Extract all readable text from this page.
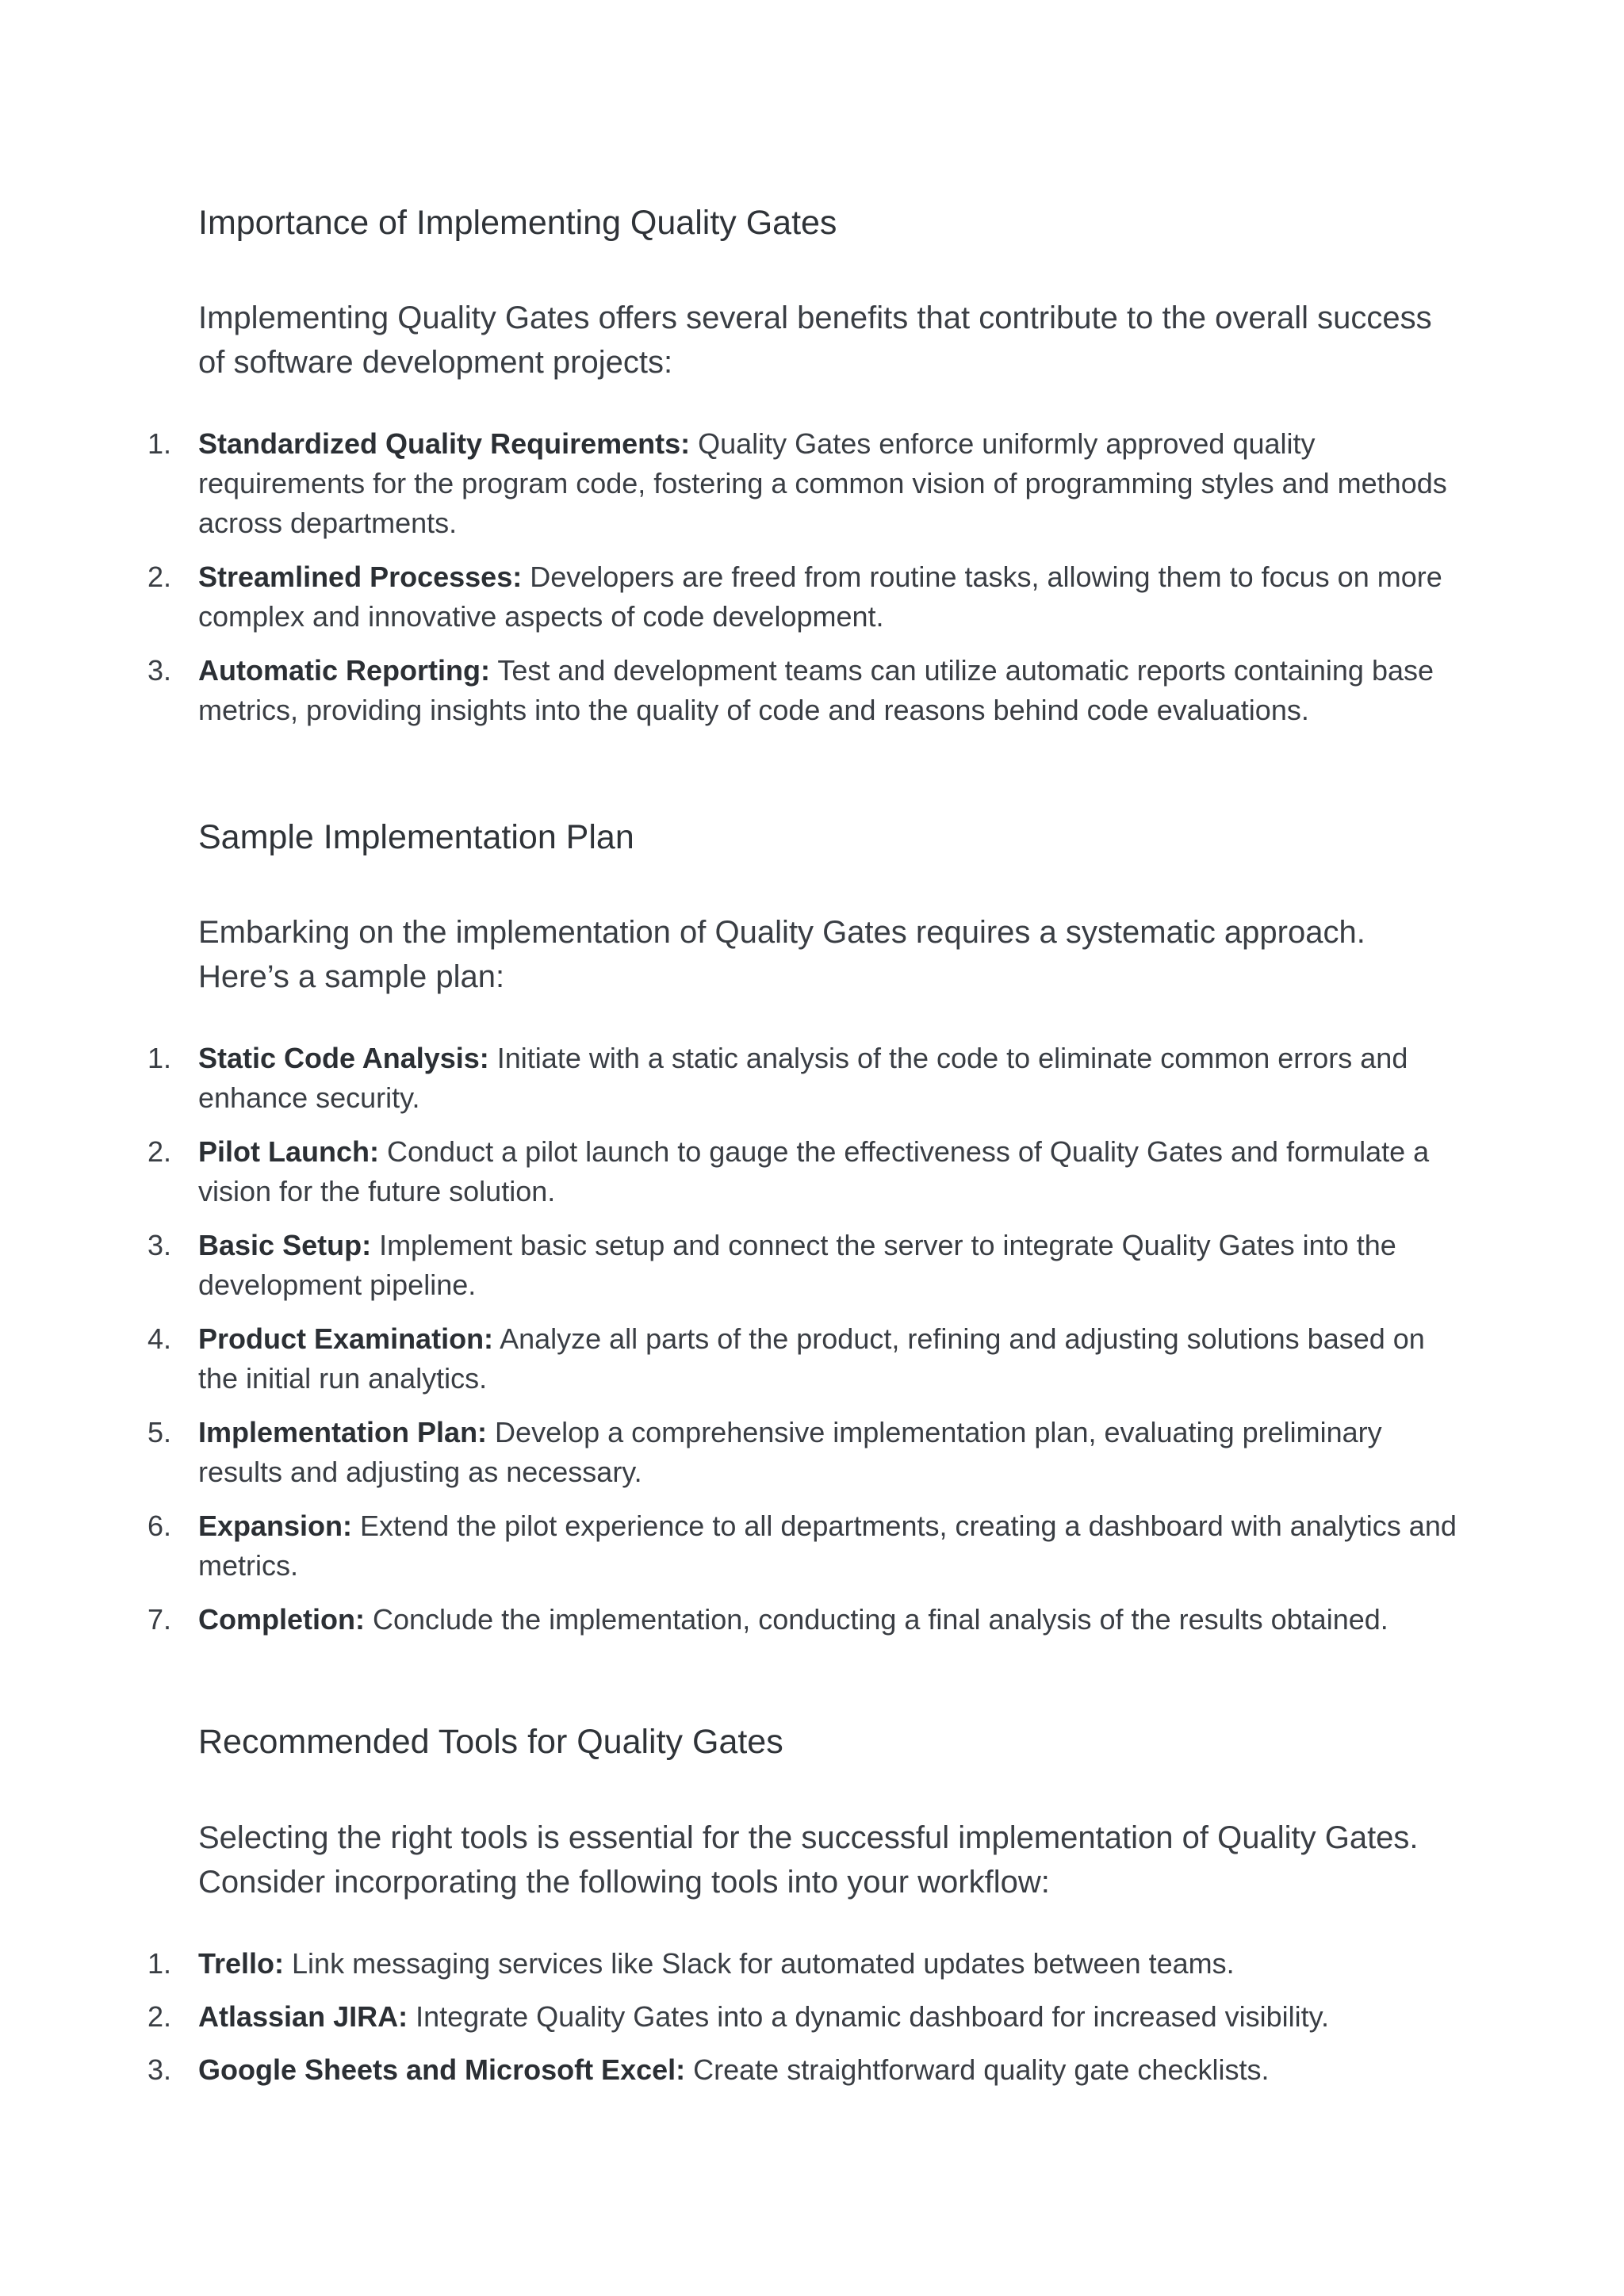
Importance of Implementing Quality Gates

Implementing Quality Gates offers several benefits that contribute to the overall success of software development projects:

1. Standardized Quality Requirements: Quality Gates enforce uniformly approved quality requirements for the program code, fostering a common vision of programming styles and methods across departments.
2. Streamlined Processes: Developers are freed from routine tasks, allowing them to focus on more complex and innovative aspects of code development.
3. Automatic Reporting: Test and development teams can utilize automatic reports containing base metrics, providing insights into the quality of code and reasons behind code evaluations.
Sample Implementation Plan

Embarking on the implementation of Quality Gates requires a systematic approach. Here’s a sample plan:

1. Static Code Analysis: Initiate with a static analysis of the code to eliminate common errors and enhance security.
2. Pilot Launch: Conduct a pilot launch to gauge the effectiveness of Quality Gates and formulate a vision for the future solution.
3. Basic Setup: Implement basic setup and connect the server to integrate Quality Gates into the development pipeline.
4. Product Examination: Analyze all parts of the product, refining and adjusting solutions based on the initial run analytics.
5. Implementation Plan: Develop a comprehensive implementation plan, evaluating preliminary results and adjusting as necessary.
6. Expansion: Extend the pilot experience to all departments, creating a dashboard with analytics and metrics.
7. Completion: Conclude the implementation, conducting a final analysis of the results obtained.
Recommended Tools for Quality Gates

Selecting the right tools is essential for the successful implementation of Quality Gates. Consider incorporating the following tools into your workflow:

1. Trello: Link messaging services like Slack for automated updates between teams.
2. Atlassian JIRA: Integrate Quality Gates into a dynamic dashboard for increased visibility.
3. Google Sheets and Microsoft Excel: Create straightforward quality gate checklists.
